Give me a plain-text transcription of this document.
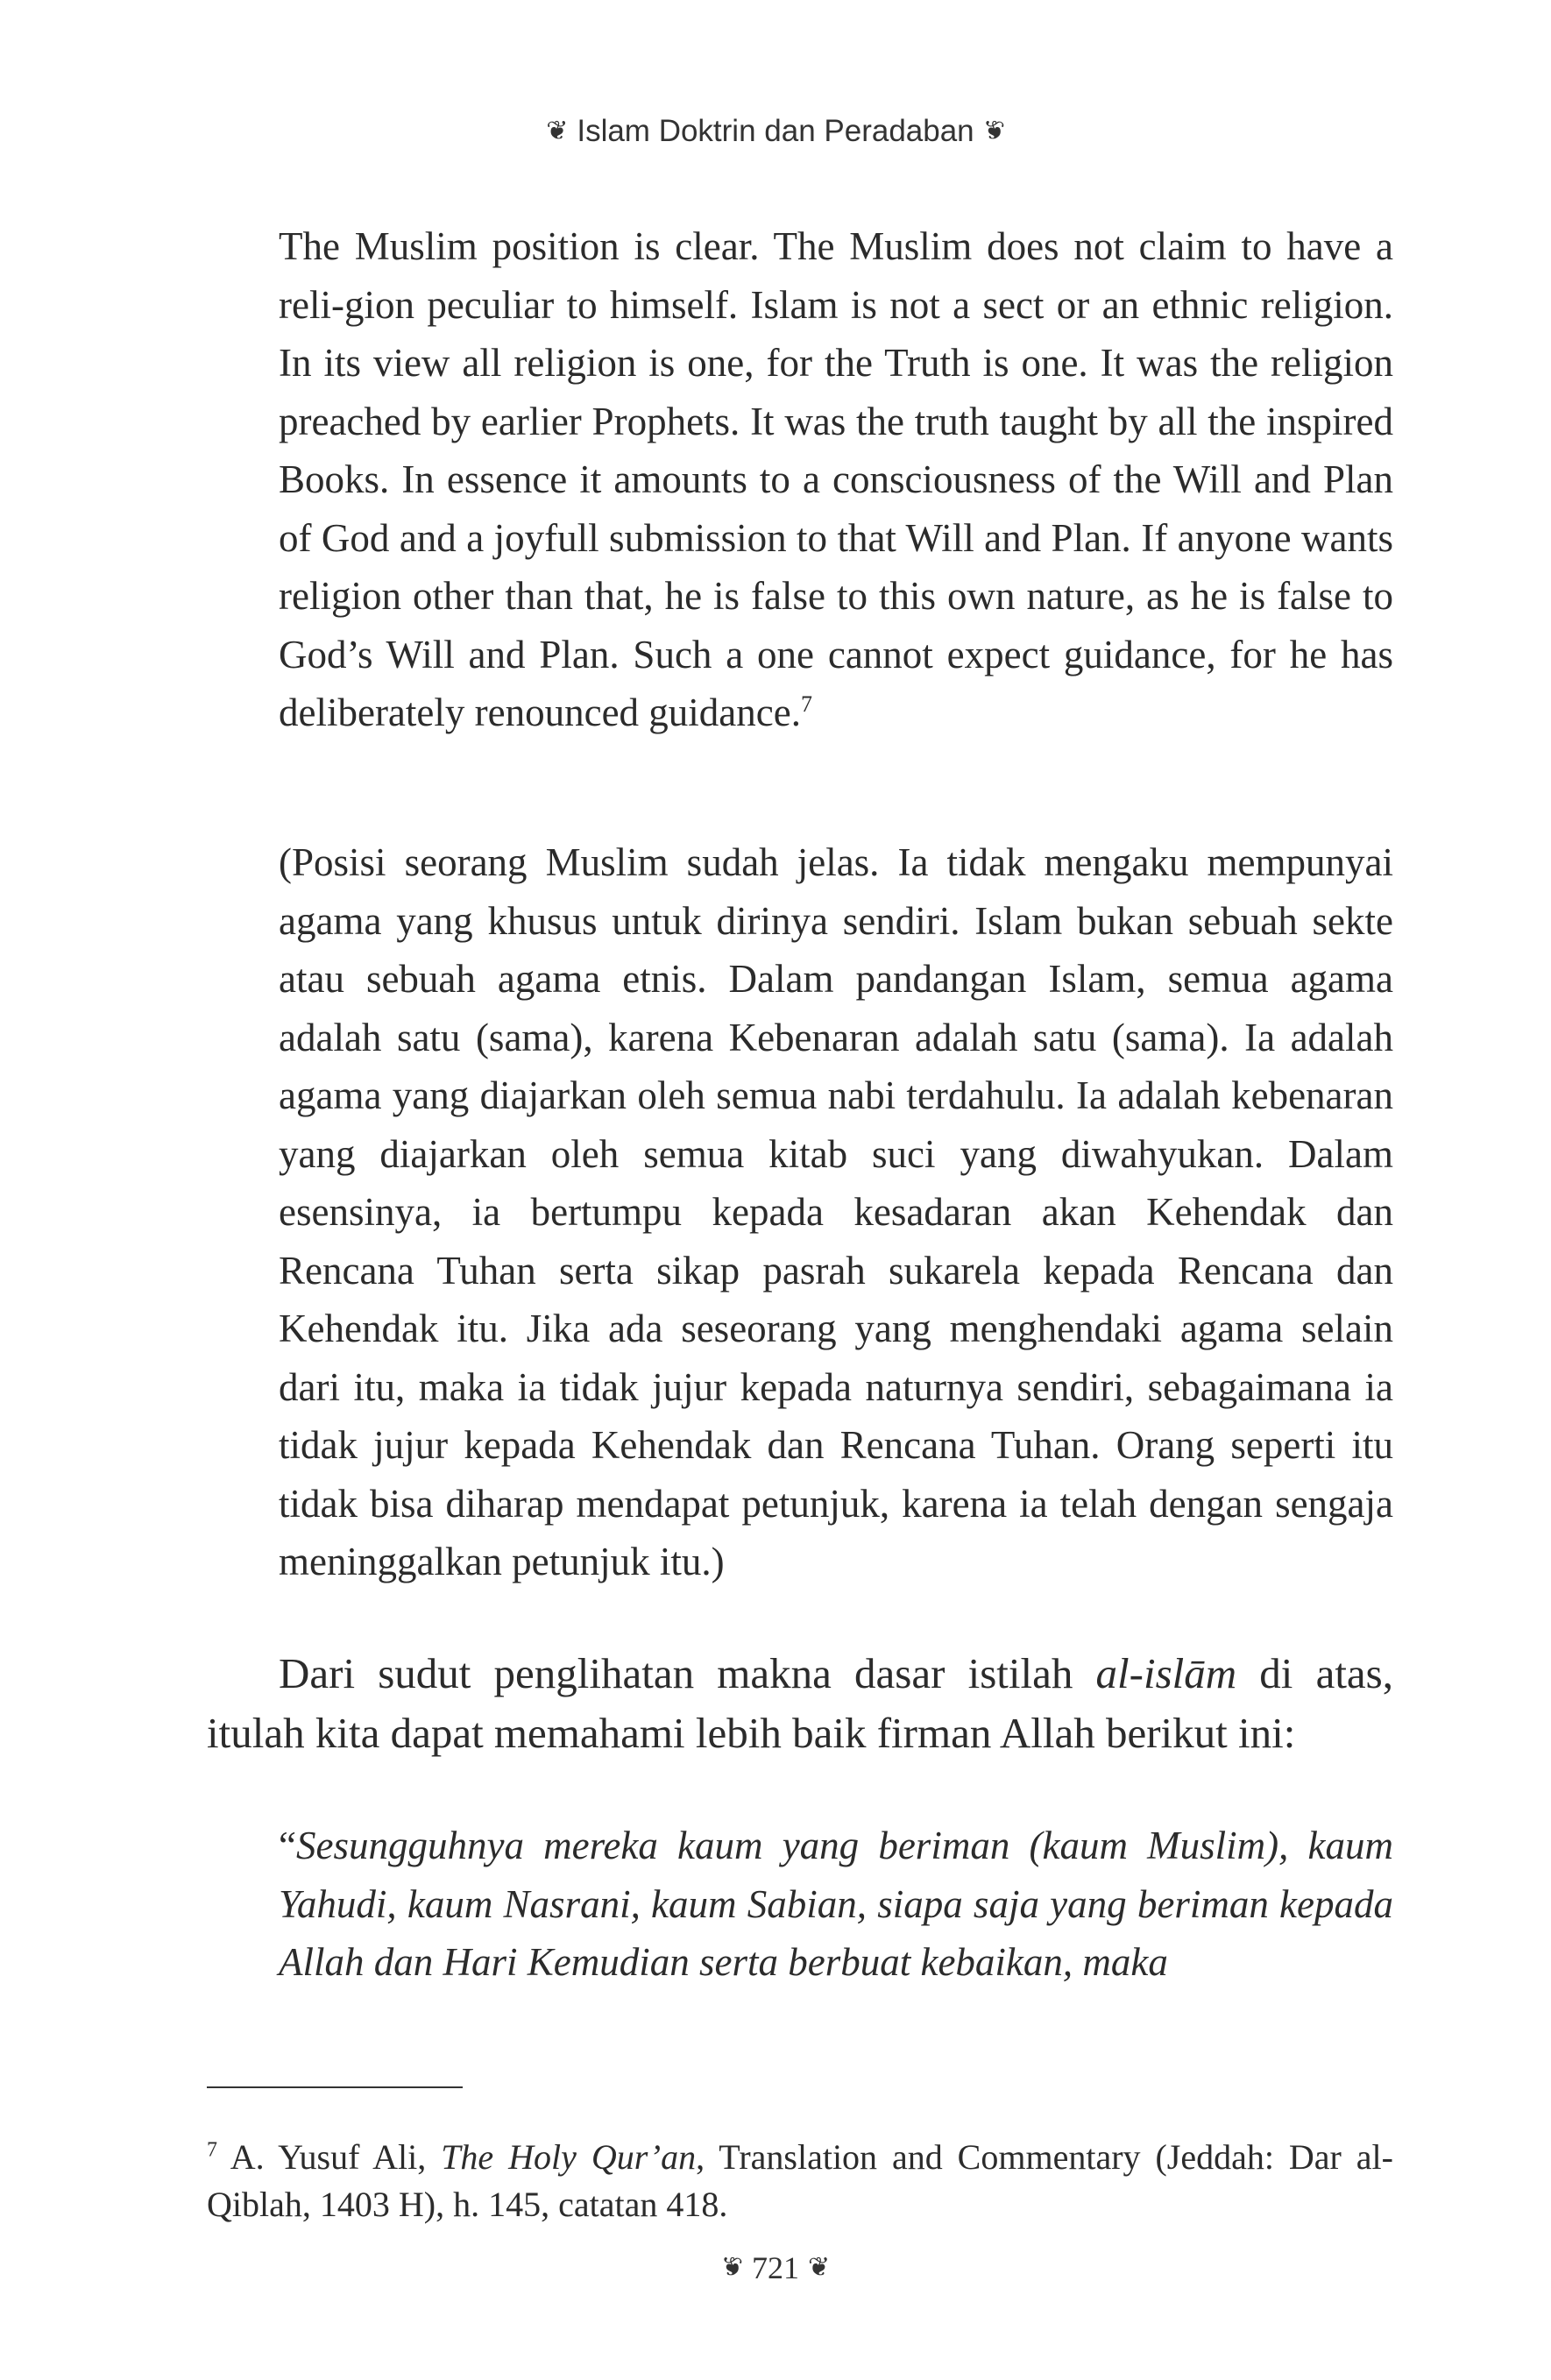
❦ Islam Doktrin dan Peradaban ❦

The Muslim position is clear. The Muslim does not claim to have a reli-gion peculiar to himself. Islam is not a sect or an ethnic religion. In its view all religion is one, for the Truth is one. It was the religion preached by earlier Prophets. It was the truth taught by all the inspired Books. In essence it amounts to a consciousness of the Will and Plan of God and a joyfull submission to that Will and Plan. If anyone wants religion other than that, he is false to this own nature, as he is false to God’s Will and Plan. Such a one cannot expect guidance, for he has deliberately renounced guidance.$^7$

(Posisi seorang Muslim sudah jelas. Ia tidak mengaku mempunyai agama yang khusus untuk dirinya sendiri. Islam bukan sebuah sekte atau sebuah agama etnis. Dalam pandangan Islam, semua agama adalah satu (sama), karena Kebenaran adalah satu (sama). Ia adalah agama yang diajarkan oleh semua nabi terdahulu. Ia adalah kebenaran yang diajarkan oleh semua kitab suci yang diwahyukan. Dalam esensinya, ia bertumpu kepada kesadaran akan Kehendak dan Rencana Tuhan serta sikap pasrah sukarela kepada Rencana dan Kehendak itu. Jika ada seseorang yang menghendaki agama selain dari itu, maka ia tidak jujur kepada naturnya sendiri, sebagaimana ia tidak jujur kepada Kehendak dan Rencana Tuhan. Orang seperti itu tidak bisa diharap mendapat petunjuk, karena ia telah dengan sengaja meninggalkan petunjuk itu.)

Dari sudut penglihatan makna dasar istilah al-islām di atas, itulah kita dapat memahami lebih baik firman Allah berikut ini:

“Sesungguhnya mereka kaum yang beriman (kaum Muslim), kaum Yahudi, kaum Nasrani, kaum Sabian, siapa saja yang beriman kepada Allah dan Hari Kemudian serta berbuat kebaikan, maka

$^7$ A. Yusuf Ali, The Holy Qur’an, Translation and Commentary (Jeddah: Dar al-Qiblah, 1403 H), h. 145, catatan 418.

❦ 721 ❦
